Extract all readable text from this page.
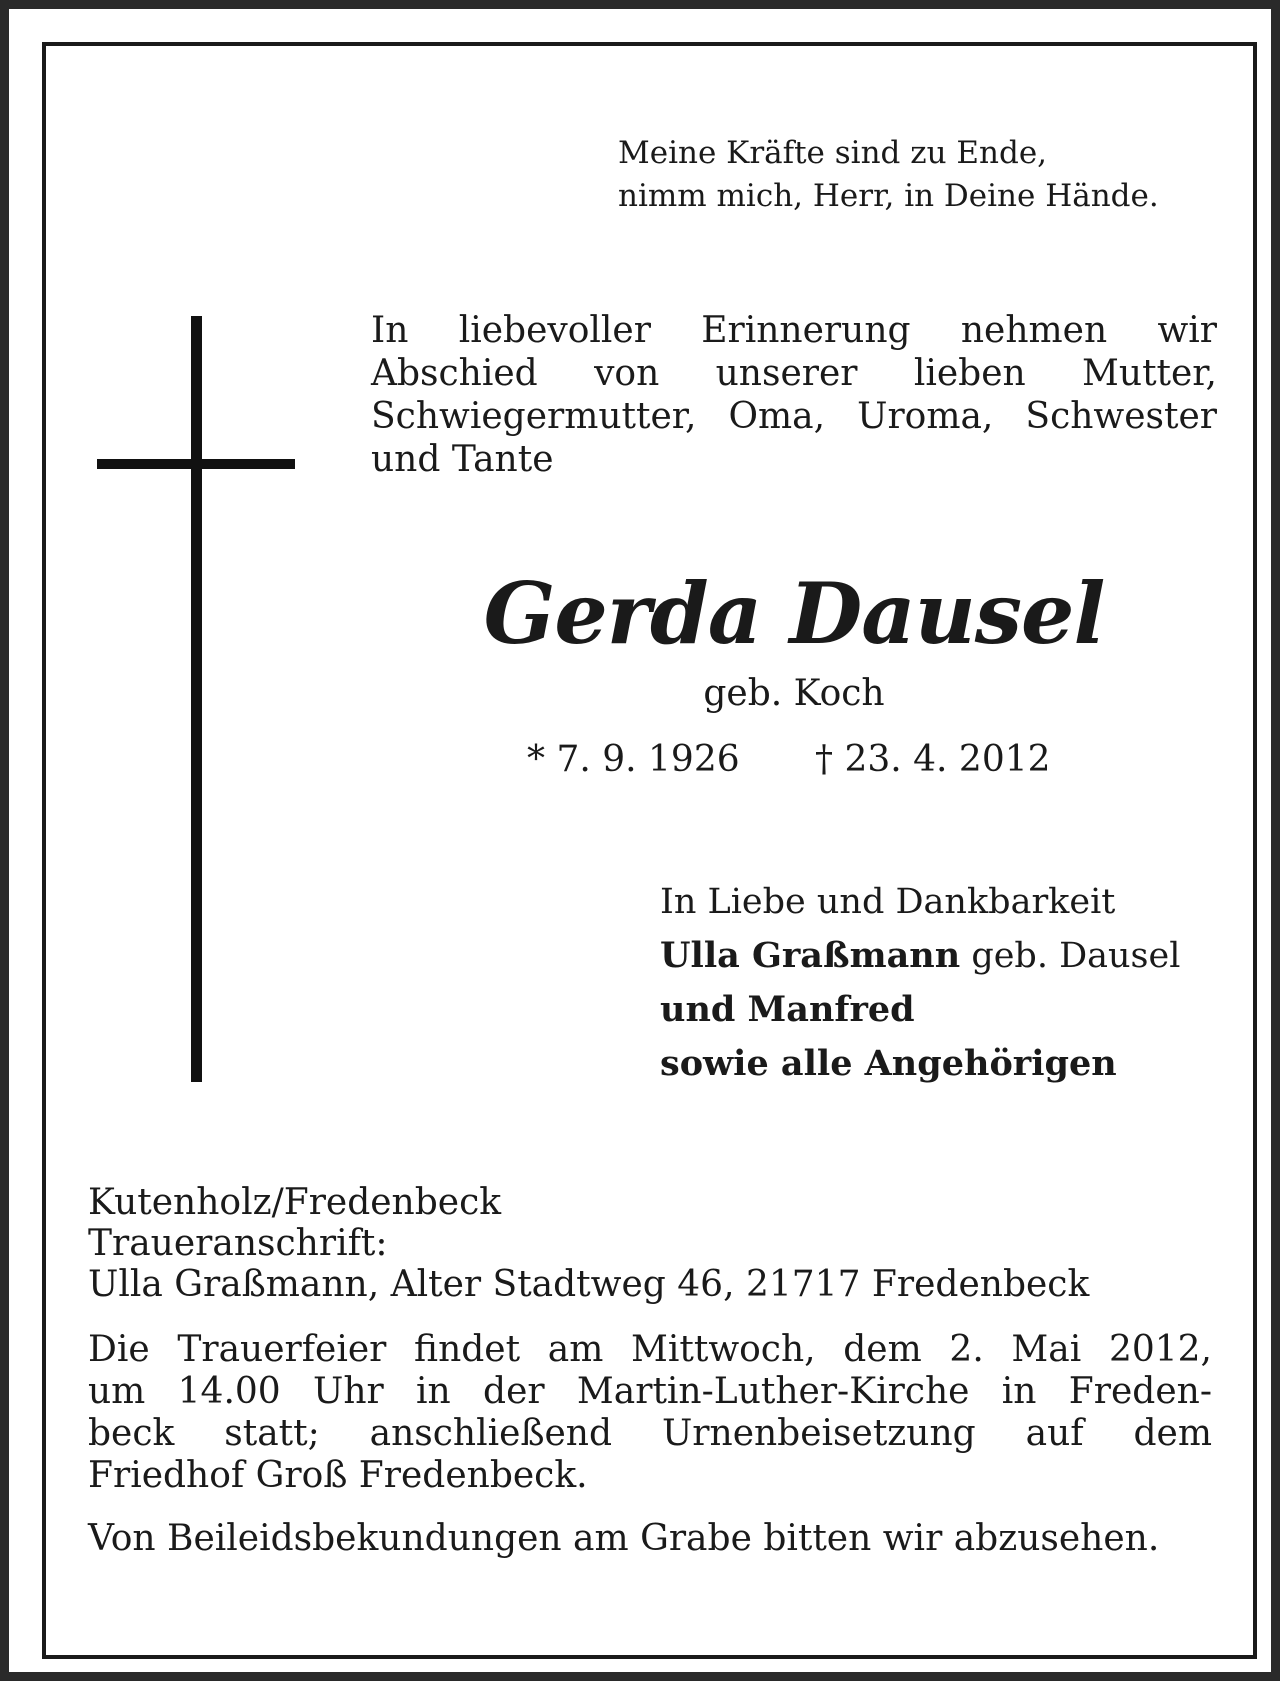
Meine Kräfte sind zu Ende,
nimm mich, Herr, in Deine Hände.
In liebevoller Erinnerung nehmen wir
Abschied von unserer lieben Mutter,
Schwiegermutter, Oma, Uroma, Schwester
und Tante
Gerda Dausel
geb. Koch
* 7. 9. 1926 † 23. 4. 2012
In Liebe und Dankbarkeit
Ulla Graßmann geb. Dausel
und Manfred
sowie alle Angehörigen
Kutenholz/Fredenbeck
Traueranschrift:
Ulla Graßmann, Alter Stadtweg 46, 21717 Fredenbeck
Die Trauerfeier findet am Mittwoch, dem 2. Mai 2012,
um 14.00 Uhr in der Martin-Luther-Kirche in Freden-
beck statt; anschließend Urnenbeisetzung auf dem
Friedhof Groß Fredenbeck.
Von Beileidsbekundungen am Grabe bitten wir abzusehen.
